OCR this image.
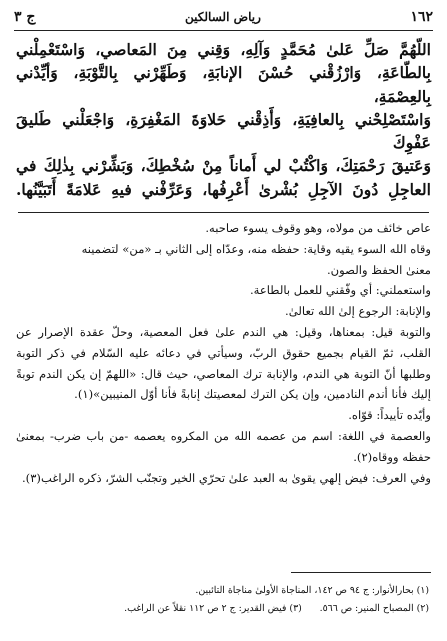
١٦٢
رياض السالكين
ج ٣

اللّهُمَّ صَلِّ عَلىٰ مُحَمَّدٍ وَآلِهِ، وَقِني مِنَ المَعاصي، وَاسْتَعْمِلْني

بِالطّاعَةِ، وَارْزُقْني حُسْنَ الإنابَةِ، وَطَهِّرْني بِالتَّوْبَةِ، وَأيِّدْني بِالعِصْمَةِ،

وَاسْتَصْلِحْني بِالعافِيَةِ، وَأَذِقْني حَلاوَةَ المَغْفِرَةِ، وَاجْعَلْني طَليقَ عَفْوِكَ

وَعَتيقَ رَحْمَتِكَ، وَاكْتُبْ لي أَماناً مِنْ سُخْطِكَ، وَبَشِّرْني بِذٰلِكَ في

العاجِلِ دُونَ الآجِلِ بُشْرىٰ أَعْرِفُها، وَعَرِّفْني فيهِ عَلامَةً أَتَبَيَّنُها.

عاص خائف من مولاه، وهو وقوف يسوء صاحبه.

وقاه الله السوء يقيه وقاية: حفظه منه، وعدّاه إلى الثاني بـ «من» لتضمينه

معنىٰ الحفظ والصون.

واستعملني: أي وفّقني للعمل بالطاعة.

والإنابة: الرجوع إلىٰ الله تعالىٰ.

والتوبة قيل: بمعناها، وقيل: هي الندم علىٰ فعل المعصية، وحلّ عقدة الإصرار عن القلب، ثمّ القيام بجميع حقوق الربّ، وسيأتي في دعائه عليه السّلام في ذكر التوبة وطلبها أنّ التوبة هي الندم، والإنابة ترك المعاصي، حيث قال: «اللهمّ إن يكن الندم توبةً إليك فأنا أندم النادمين، وإن يكن الترك لمعصيتك إنابةً فأنا أوّل المنيبين»(١).

وأيّده تأييداً: قوّاه.

والعصمة في اللغة: اسم من عصمه الله من المكروه يعصمه -من باب ضرب- بمعنىٰ حفظه ووقاه(٢).

وفي العرف: فيض إلهي يقوىٰ به العبد علىٰ تحرّي الخير وتجنّب الشرّ، ذكره الراغب(٣).

(١) بحارالأنوار: ج ٩٤ ص ١٤٢، المناجاة الأولىٰ مناجاة التائبين.

(٢) المصباح المنير: ص ٥٦٦.      (٣) فيض القدير: ج ٢ ص ١١٢ نقلاً عن الراغب.
